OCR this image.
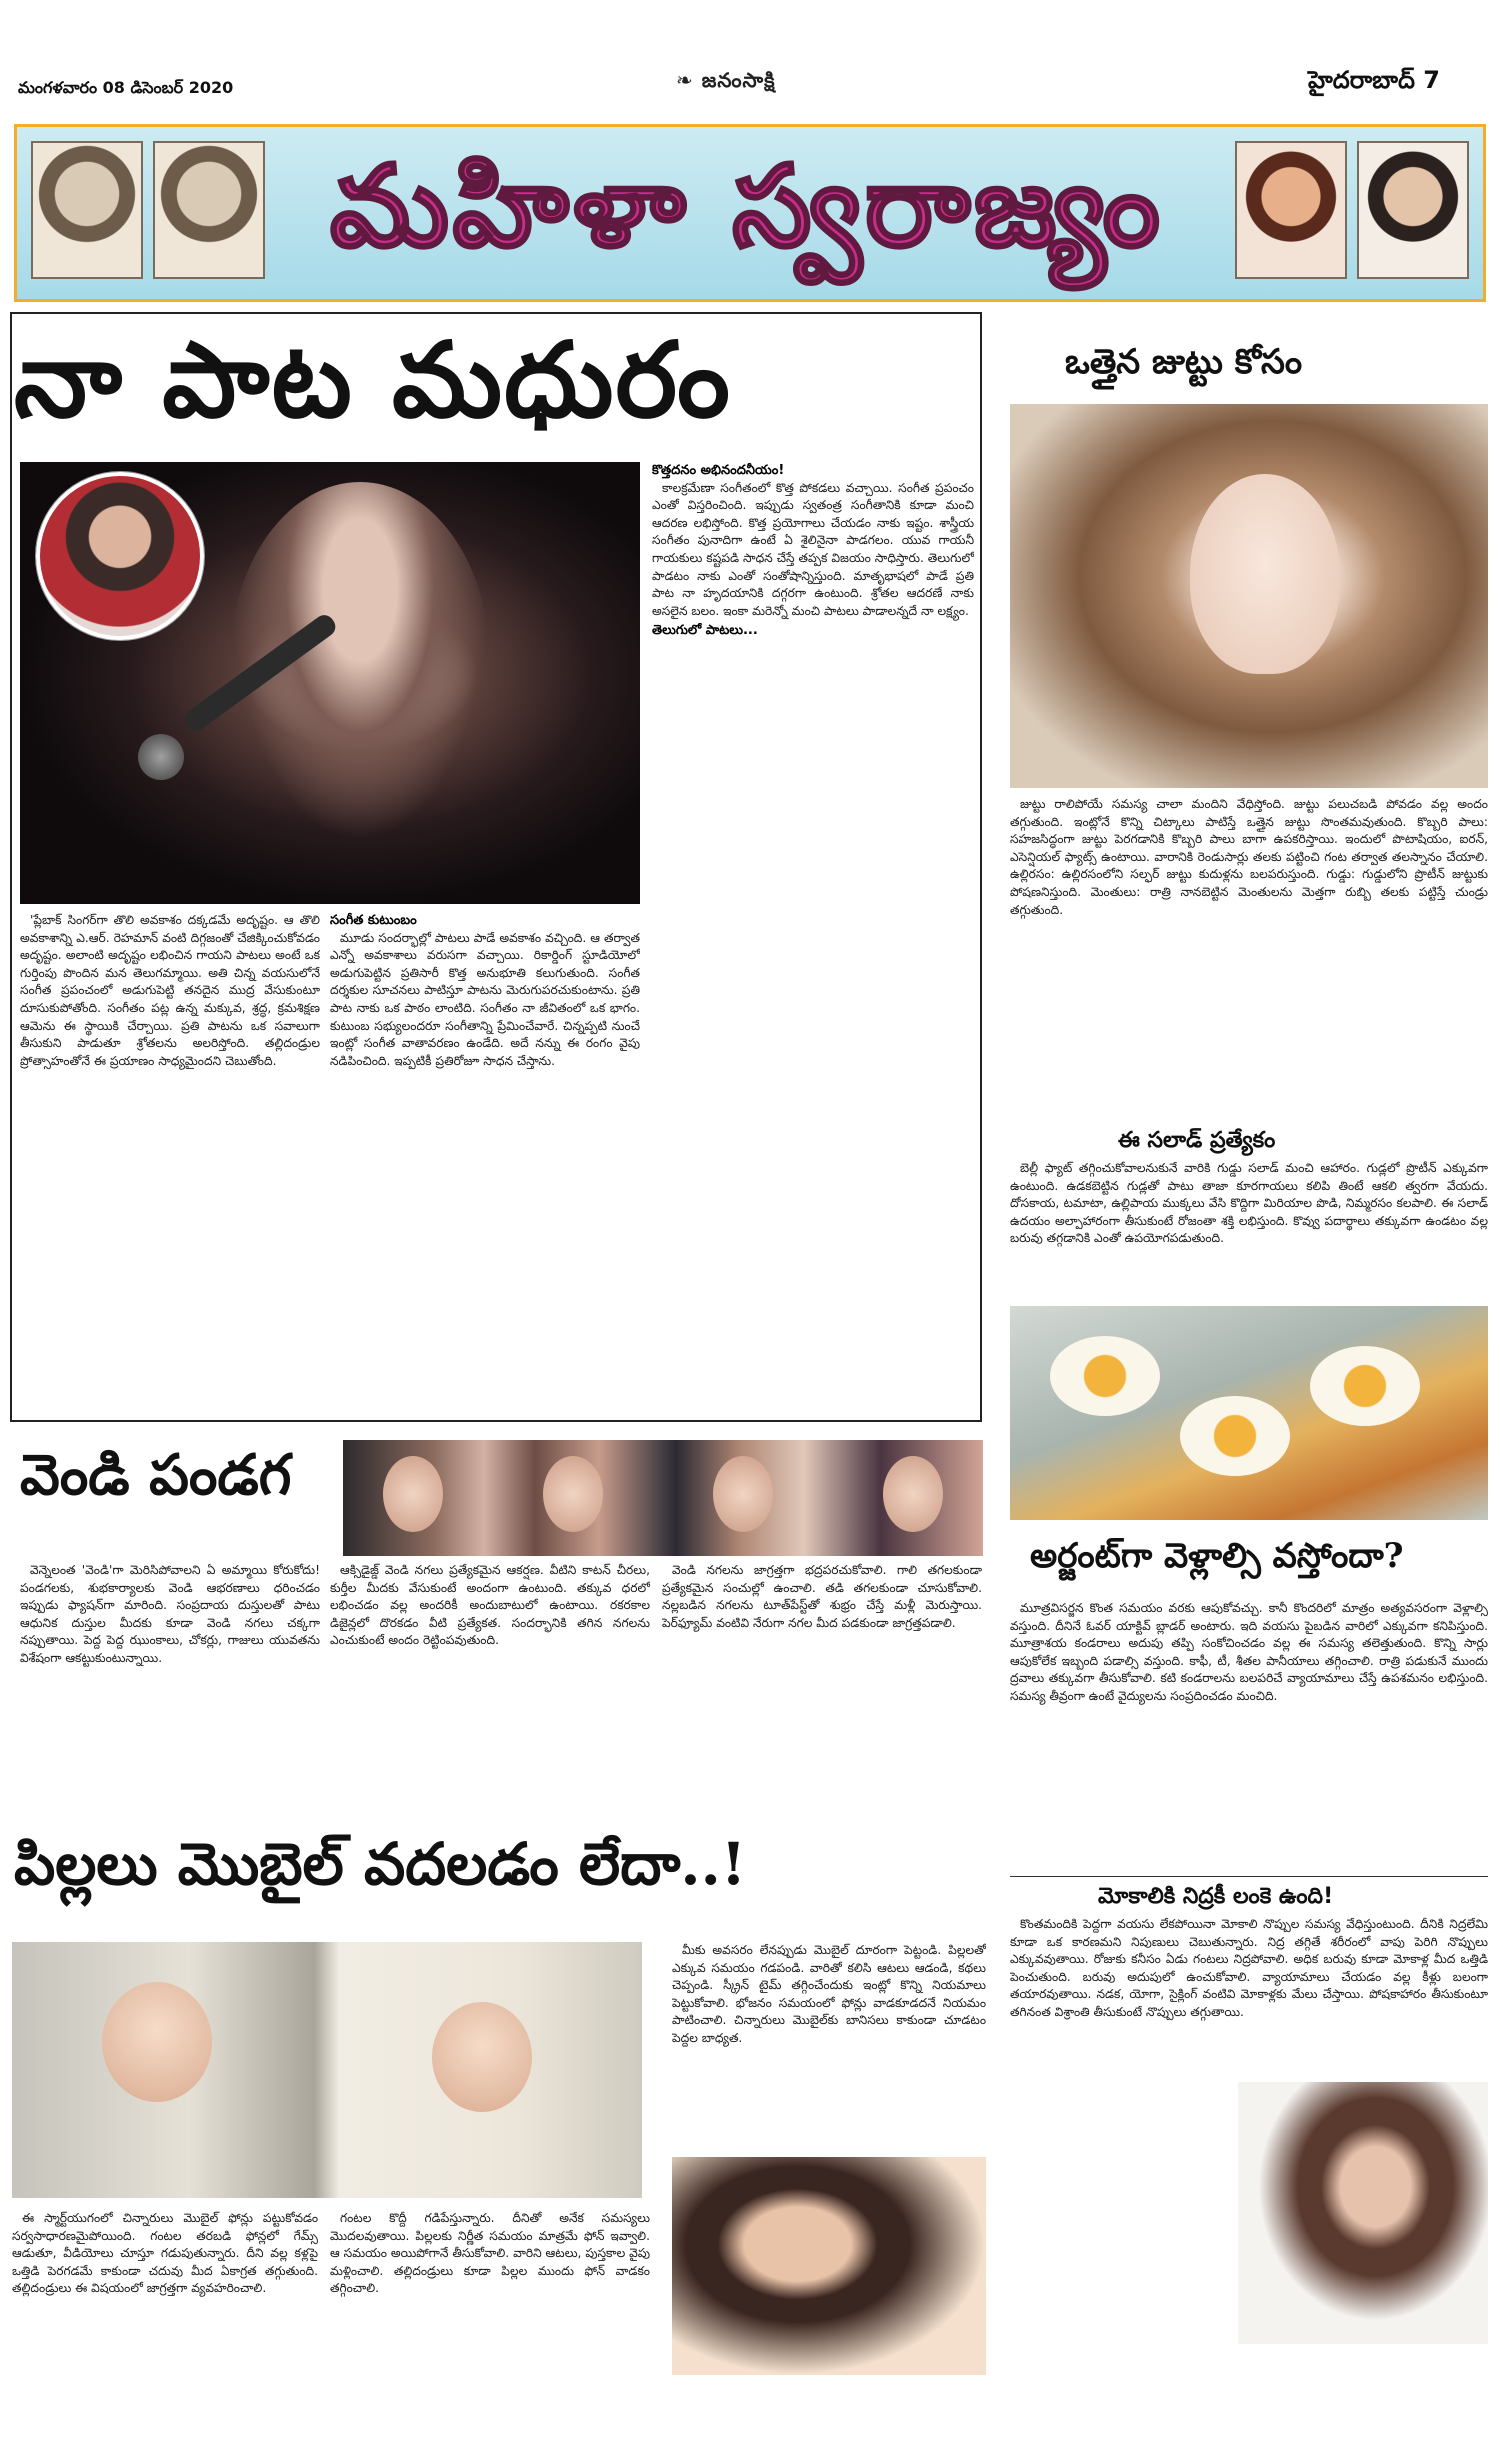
మంగళవారం 08 డిసెంబర్ 2020	❧ జనంసాక్షి	హైదరాబాద్ 7
మహిళా స్వరాజ్యం
నా పాట మధురం

'ప్లేబాక్‌ సింగర్‌గా తొలి అవకాశం దక్కడమే అదృష్టం. ఆ తొలి అవకాశాన్ని ఎ.ఆర్‌. రెహమాన్‌ వంటి దిగ్గజంతో చేజిక్కించుకోవడం అదృష్టం. అలాంటి అదృష్టం లభించిన గాయని పాటలు అంటే ఒక గుర్తింపు పొందిన మన తెలుగమ్మాయి. అతి చిన్న వయసులోనే సంగీత ప్రపంచంలో అడుగుపెట్టి తనదైన ముద్ర వేసుకుంటూ దూసుకుపోతోంది. సంగీతం పట్ల ఉన్న మక్కువ, శ్రద్ధ, క్రమశిక్షణ ఆమెను ఈ స్థాయికి చేర్చాయి. ప్రతి పాటను ఒక సవాలుగా తీసుకుని పాడుతూ శ్రోతలను అలరిస్తోంది. తల్లిదండ్రుల ప్రోత్సాహంతోనే ఈ ప్రయాణం సాధ్యమైందని చెబుతోంది.

సంగీత కుటుంబం

మూడు సందర్భాల్లో పాటలు పాడే అవకాశం వచ్చింది. ఆ తర్వాత ఎన్నో అవకాశాలు వరుసగా వచ్చాయి. రికార్డింగ్‌ స్టూడియోలో అడుగుపెట్టిన ప్రతిసారీ కొత్త అనుభూతి కలుగుతుంది. సంగీత దర్శకుల సూచనలు పాటిస్తూ పాటను మెరుగుపరచుకుంటాను. ప్రతి పాట నాకు ఒక పాఠం లాంటిది. సంగీతం నా జీవితంలో ఒక భాగం. కుటుంబ సభ్యులందరూ సంగీతాన్ని ప్రేమించేవారే. చిన్నప్పటి నుంచే ఇంట్లో సంగీత వాతావరణం ఉండేది. అదే నన్ను ఈ రంగం వైపు నడిపించింది. ఇప్పటికీ ప్రతిరోజూ సాధన చేస్తాను.

కొత్తదనం అభినందనీయం!

కాలక్రమేణా సంగీతంలో కొత్త పోకడలు వచ్చాయి. సంగీత ప్రపంచం ఎంతో విస్తరించింది. ఇప్పుడు స్వతంత్ర సంగీతానికి కూడా మంచి ఆదరణ లభిస్తోంది. కొత్త ప్రయోగాలు చేయడం నాకు ఇష్టం. శాస్త్రీయ సంగీతం పునాదిగా ఉంటే ఏ శైలినైనా పాడగలం. యువ గాయనీ గాయకులు కష్టపడి సాధన చేస్తే తప్పక విజయం సాధిస్తారు. తెలుగులో పాడటం నాకు ఎంతో సంతోషాన్నిస్తుంది. మాతృభాషలో పాడే ప్రతి పాట నా హృదయానికి దగ్గరగా ఉంటుంది. శ్రోతల ఆదరణే నాకు అసలైన బలం. ఇంకా మరెన్నో మంచి పాటలు పాడాలన్నదే నా లక్ష్యం.

తెలుగులో పాటలు...
ఒత్తైన జుట్టు కోసం

జుట్టు రాలిపోయే సమస్య చాలా మందిని వేధిస్తోంది. జుట్టు పలుచబడి పోవడం వల్ల అందం తగ్గుతుంది. ఇంట్లోనే కొన్ని చిట్కాలు పాటిస్తే ఒత్తైన జుట్టు సొంతమవుతుంది. కొబ్బరి పాలు: సహజసిద్ధంగా జుట్టు పెరగడానికి కొబ్బరి పాలు బాగా ఉపకరిస్తాయి. ఇందులో పొటాషియం, ఐరన్‌, ఎసెన్షియల్‌ ఫ్యాట్స్‌ ఉంటాయి. వారానికి రెండుసార్లు తలకు పట్టించి గంట తర్వాత తలస్నానం చేయాలి. ఉల్లిరసం: ఉల్లిరసంలోని సల్ఫర్‌ జుట్టు కుదుళ్లను బలపరుస్తుంది. గుడ్డు: గుడ్డులోని ప్రొటీన్‌ జుట్టుకు పోషణనిస్తుంది. మెంతులు: రాత్రి నానబెట్టిన మెంతులను మెత్తగా రుబ్బి తలకు పట్టిస్తే చుండ్రు తగ్గుతుంది.

ఈ సలాడ్‌ ప్రత్యేకం

బెల్లీ ఫ్యాట్‌ తగ్గించుకోవాలనుకునే వారికి గుడ్డు సలాడ్‌ మంచి ఆహారం. గుడ్లలో ప్రొటీన్‌ ఎక్కువగా ఉంటుంది. ఉడకబెట్టిన గుడ్లతో పాటు తాజా కూరగాయలు కలిపి తింటే ఆకలి త్వరగా వేయదు. దోసకాయ, టమాటా, ఉల్లిపాయ ముక్కలు వేసి కొద్దిగా మిరియాల పొడి, నిమ్మరసం కలపాలి. ఈ సలాడ్‌ ఉదయం అల్పాహారంగా తీసుకుంటే రోజంతా శక్తి లభిస్తుంది. కొవ్వు పదార్థాలు తక్కువగా ఉండటం వల్ల బరువు తగ్గడానికి ఎంతో ఉపయోగపడుతుంది.

వెండి పండగ

వెన్నెలంత 'వెండి'గా మెరిసిపోవాలని ఏ అమ్మాయి కోరుకోదు! పండగలకు, శుభకార్యాలకు వెండి ఆభరణాలు ధరించడం ఇప్పుడు ఫ్యాషన్‌గా మారింది. సంప్రదాయ దుస్తులతో పాటు ఆధునిక దుస్తుల మీదకు కూడా వెండి నగలు చక్కగా నప్పుతాయి. పెద్ద పెద్ద ఝుంకాలు, చోకర్లు, గాజులు యువతను విశేషంగా ఆకట్టుకుంటున్నాయి.

ఆక్సిడైజ్డ్‌ వెండి నగలు ప్రత్యేకమైన ఆకర్షణ. వీటిని కాటన్‌ చీరలు, కుర్తీల మీదకు వేసుకుంటే అందంగా ఉంటుంది. తక్కువ ధరలో లభించడం వల్ల అందరికీ అందుబాటులో ఉంటాయి. రకరకాల డిజైన్లలో దొరకడం వీటి ప్రత్యేకత. సందర్భానికి తగిన నగలను ఎంచుకుంటే అందం రెట్టింపవుతుంది.

వెండి నగలను జాగ్రత్తగా భద్రపరచుకోవాలి. గాలి తగలకుండా ప్రత్యేకమైన సంచుల్లో ఉంచాలి. తడి తగలకుండా చూసుకోవాలి. నల్లబడిన నగలను టూత్‌పేస్ట్‌తో శుభ్రం చేస్తే మళ్లీ మెరుస్తాయి. పెర్‌ఫ్యూమ్‌ వంటివి నేరుగా నగల మీద పడకుండా జాగ్రత్తపడాలి.

అర్జంట్‌గా వెళ్లాల్సి వస్తోందా?

మూత్రవిసర్జన కొంత సమయం వరకు ఆపుకోవచ్చు. కానీ కొందరిలో మాత్రం అత్యవసరంగా వెళ్లాల్సి వస్తుంది. దీనినే ఓవర్‌ యాక్టివ్‌ బ్లాడర్‌ అంటారు. ఇది వయసు పైబడిన వారిలో ఎక్కువగా కనిపిస్తుంది. మూత్రాశయ కండరాలు అదుపు తప్పి సంకోచించడం వల్ల ఈ సమస్య తలెత్తుతుంది. కొన్ని సార్లు ఆపుకోలేక ఇబ్బంది పడాల్సి వస్తుంది. కాఫీ, టీ, శీతల పానీయాలు తగ్గించాలి. రాత్రి పడుకునే ముందు ద్రవాలు తక్కువగా తీసుకోవాలి. కటి కండరాలను బలపరిచే వ్యాయామాలు చేస్తే ఉపశమనం లభిస్తుంది. సమస్య తీవ్రంగా ఉంటే వైద్యులను సంప్రదించడం మంచిది.

మోకాలికి నిద్రకీ లంకె ఉంది!

కొంతమందికి పెద్దగా వయసు లేకపోయినా మోకాలి నొప్పుల సమస్య వేధిస్తుంటుంది. దీనికి నిద్రలేమి కూడా ఒక కారణమని నిపుణులు చెబుతున్నారు. నిద్ర తగ్గితే శరీరంలో వాపు పెరిగి నొప్పులు ఎక్కువవుతాయి. రోజుకు కనీసం ఏడు గంటలు నిద్రపోవాలి. అధిక బరువు కూడా మోకాళ్ల మీద ఒత్తిడి పెంచుతుంది. బరువు అదుపులో ఉంచుకోవాలి. వ్యాయామాలు చేయడం వల్ల కీళ్లు బలంగా తయారవుతాయి. నడక, యోగా, సైక్లింగ్‌ వంటివి మోకాళ్లకు మేలు చేస్తాయి. పోషకాహారం తీసుకుంటూ తగినంత విశ్రాంతి తీసుకుంటే నొప్పులు తగ్గుతాయి.

పిల్లలు మొబైల్‌ వదలడం లేదా..!

మీకు అవసరం లేనప్పుడు మొబైల్‌ దూరంగా పెట్టండి. పిల్లలతో ఎక్కువ సమయం గడపండి. వారితో కలిసి ఆటలు ఆడండి, కథలు చెప్పండి. స్క్రీన్‌ టైమ్‌ తగ్గించేందుకు ఇంట్లో కొన్ని నియమాలు పెట్టుకోవాలి. భోజనం సమయంలో ఫోన్లు వాడకూడదనే నియమం పాటించాలి. చిన్నారులు మొబైల్‌కు బానిసలు కాకుండా చూడటం పెద్దల బాధ్యత.

ఈ స్మార్ట్‌యుగంలో చిన్నారులు మొబైల్‌ ఫోన్లు పట్టుకోవడం సర్వసాధారణమైపోయింది. గంటల తరబడి ఫోన్లలో గేమ్స్‌ ఆడుతూ, వీడియోలు చూస్తూ గడుపుతున్నారు. దీని వల్ల కళ్లపై ఒత్తిడి పెరగడమే కాకుండా చదువు మీద ఏకాగ్రత తగ్గుతుంది. తల్లిదండ్రులు ఈ విషయంలో జాగ్రత్తగా వ్యవహరించాలి.

గంటల కొద్దీ గడిపేస్తున్నారు. దీనితో అనేక సమస్యలు మొదలవుతాయి. పిల్లలకు నిర్ణీత సమయం మాత్రమే ఫోన్‌ ఇవ్వాలి. ఆ సమయం అయిపోగానే తీసుకోవాలి. వారిని ఆటలు, పుస్తకాల వైపు మళ్లించాలి. తల్లిదండ్రులు కూడా పిల్లల ముందు ఫోన్‌ వాడకం తగ్గించాలి.
